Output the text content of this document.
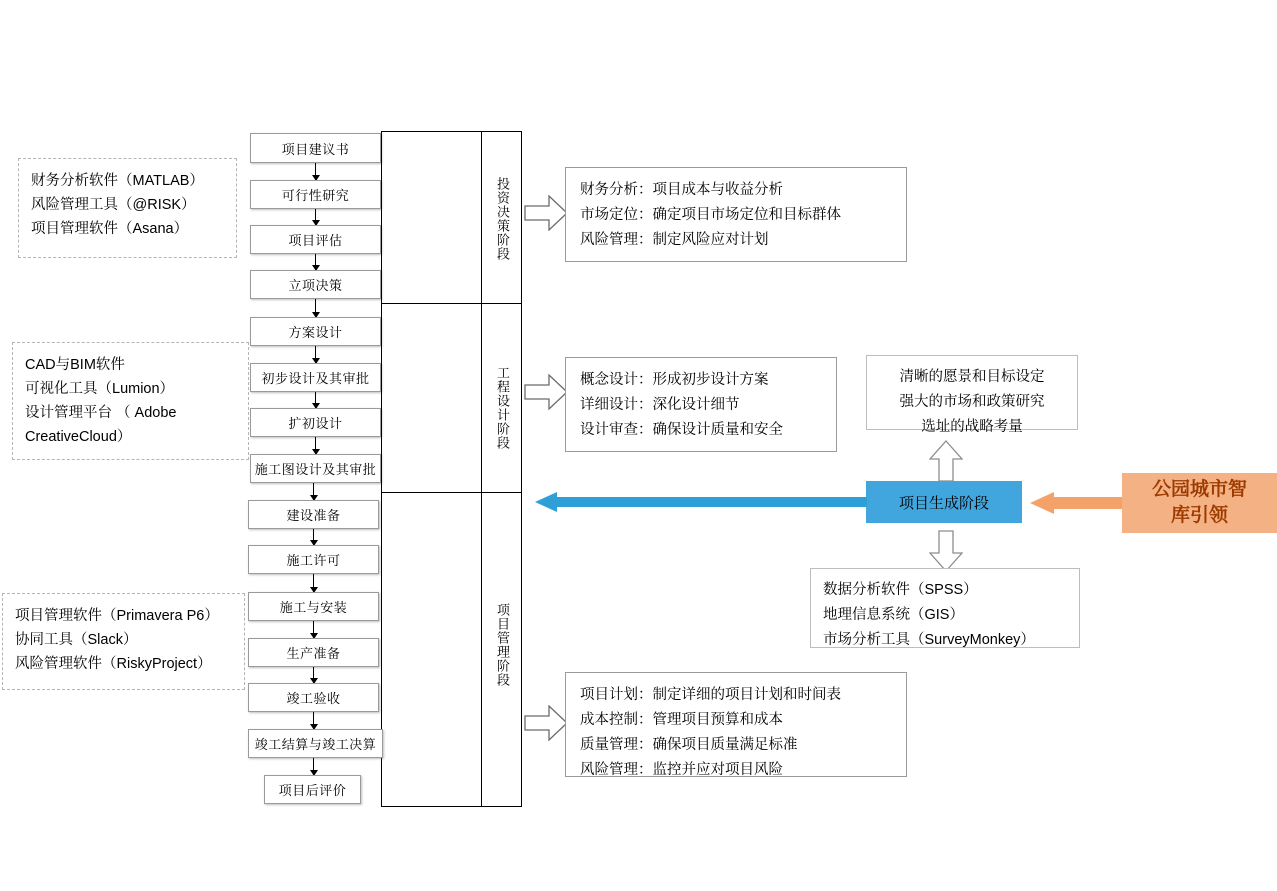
投资决策阶段
工程设计阶段
项目管理阶段
项目建议书
可行性研究
项目评估
立项决策
方案设计
初步设计及其审批
扩初设计
施工图设计及其审批
建设准备
施工许可
施工与安装
生产准备
竣工验收
竣工结算与竣工决算
项目后评价
财务分析软件（MATLAB）
风险管理工具（@RISK）
项目管理软件（Asana）
CAD与BIM软件
可视化工具（Lumion）
设计管理平台 （ Adobe
CreativeCloud）
项目管理软件（Primavera P6）
协同工具（Slack）
风险管理软件（RiskyProject）
财务分析：项目成本与收益分析
市场定位：确定项目市场定位和目标群体
风险管理：制定风险应对计划
概念设计：形成初步设计方案
详细设计：深化设计细节
设计审查：确保设计质量和安全
项目计划：制定详细的项目计划和时间表
成本控制：管理项目预算和成本
质量管理：确保项目质量满足标准
风险管理：监控并应对项目风险
清晰的愿景和目标设定
强大的市场和政策研究
选址的战略考量
项目生成阶段
公园城市智
库引领
数据分析软件（SPSS）
地理信息系统（GIS）
市场分析工具（SurveyMonkey）
